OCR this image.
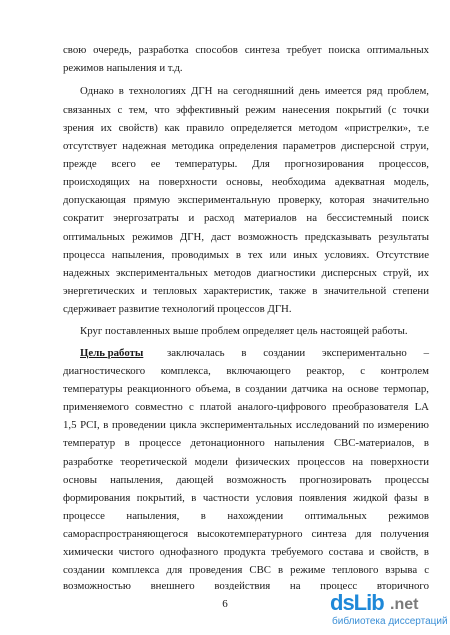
свою очередь, разработка способов синтеза требует поиска оптимальных
режимов напыления и т.д.
Однако в технологиях ДГН на сегодняшний день имеется ряд проблем,
связанных с тем, что эффективный режим нанесения покрытий (с точки
зрения их свойств) как правило определяется методом «пристрелки», т.е
отсутствует надежная методика определения параметров дисперсной струи,
прежде всего ее температуры. Для прогнозирования процессов,
происходящих на поверхности основы, необходима адекватная модель,
допускающая прямую экспериментальную проверку, которая значительно
сократит энергозатраты и расход материалов на бессистемный поиск
оптимальных режимов ДГН, даст возможность предсказывать результаты
процесса напыления, проводимых в тех или иных условиях. Отсутствие
надежных экспериментальных методов диагностики дисперсных струй, их
энергетических и тепловых характеристик, также в значительной степени
сдерживает развитие технологий процессов ДГН.
Круг поставленных выше проблем определяет цель настоящей работы.
Цель работы заключалась в создании экспериментально –
диагностического комплекса, включающего реактор, с контролем
температуры реакционного объема, в создании датчика на основе термопар,
применяемого совместно с платой аналого-цифрового преобразователя LA
1,5 PCI, в проведении цикла экспериментальных исследований по измерению
температур в процессе детонационного напыления СВС-материалов, в
разработке теоретической модели физических процессов на поверхности
основы напыления, дающей возможность прогнозировать процессы
формирования покрытий, в частности условия появления жидкой фазы в
процессе напыления, в нахождении оптимальных режимов
самораспространяющегося высокотемпературного синтеза для получения
химически чистого однофазного продукта требуемого состава и свойств, в
создании комплекса для проведения СВС в режиме теплового взрыва с
возможностью внешнего воздействия на процесс вторичного
6	dsLib .net
библиотека диссертаций
